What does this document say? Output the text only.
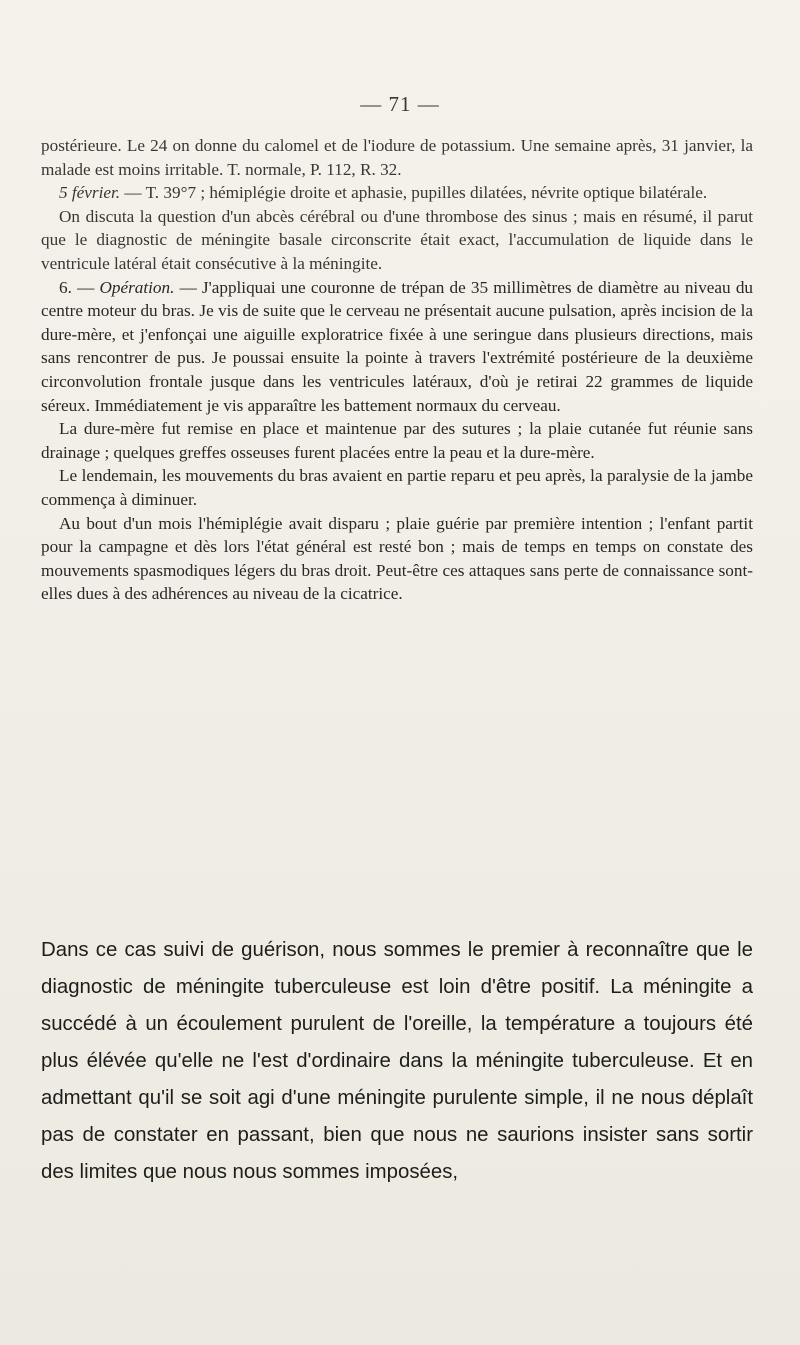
— 71 —

postérieure. Le 24 on donne du calomel et de l'iodure de potassium. Une semaine après, 31 janvier, la malade est moins irritable. T. normale, P. 112, R. 32.

5 février. — T. 39°7 ; hémiplégie droite et aphasie, pupilles dilatées, névrite optique bilatérale.

On discuta la question d'un abcès cérébral ou d'une thrombose des sinus ; mais en résumé, il parut que le diagnostic de méningite basale circonscrite était exact, l'accumulation de liquide dans le ventricule latéral était consécutive à la méningite.

6. — Opération. — J'appliquai une couronne de trépan de 35 millimètres de diamètre au niveau du centre moteur du bras. Je vis de suite que le cerveau ne présentait aucune pulsation, après incision de la dure-mère, et j'enfonçai une aiguille exploratrice fixée à une seringue dans plusieurs directions, mais sans rencontrer de pus. Je poussai ensuite la pointe à travers l'extrémité postérieure de la deuxième circonvolution frontale jusque dans les ventricules latéraux, d'où je retirai 22 grammes de liquide séreux. Immédiatement je vis apparaître les battement normaux du cerveau.

La dure-mère fut remise en place et maintenue par des sutures ; la plaie cutanée fut réunie sans drainage ; quelques greffes osseuses furent placées entre la peau et la dure-mère.

Le lendemain, les mouvements du bras avaient en partie reparu et peu après, la paralysie de la jambe commença à diminuer.

Au bout d'un mois l'hémiplégie avait disparu ; plaie guérie par première intention ; l'enfant partit pour la campagne et dès lors l'état général est resté bon ; mais de temps en temps on constate des mouvements spasmodiques légers du bras droit. Peut-être ces attaques sans perte de connaissance sont-elles dues à des adhérences au niveau de la cicatrice.

Dans ce cas suivi de guérison, nous sommes le premier à reconnaître que le diagnostic de méningite tuberculeuse est loin d'être positif. La méningite a succédé à un écoulement purulent de l'oreille, la température a toujours été plus élévée qu'elle ne l'est d'ordinaire dans la méningite tuberculeuse. Et en admettant qu'il se soit agi d'une méningite purulente simple, il ne nous déplaît pas de constater en passant, bien que nous ne saurions insister sans sortir des limites que nous nous sommes imposées,
